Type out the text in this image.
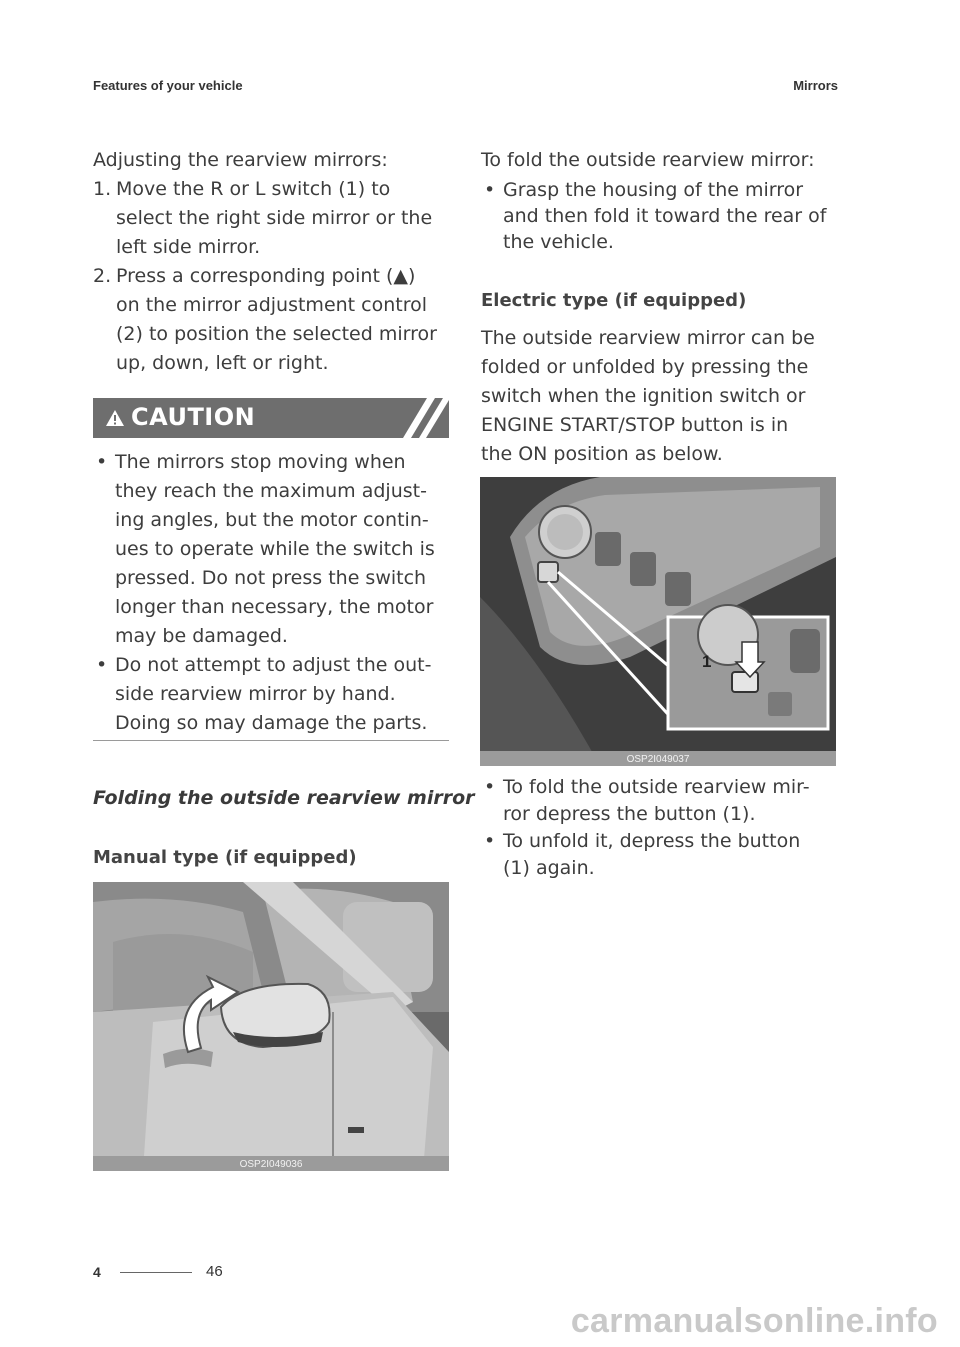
Features of your vehicle	Mirrors
Adjusting the rearview mirrors:
1. Move the R or L switch (1) to
select the right side mirror or the
left side mirror.
2. Press a corresponding point (▲)
on the mirror adjustment control
(2) to position the selected mirror
up, down, left or right.
CAUTION
• The mirrors stop moving when
they reach the maximum adjust-
ing angles, but the motor contin-
ues to operate while the switch is
pressed. Do not press the switch
longer than necessary, the motor
may be damaged.
• Do not attempt to adjust the out-
side rearview mirror by hand.
Doing so may damage the parts.
Folding the outside rearview mirror
Manual type (if equipped)
OSP2I049036
To fold the outside rearview mirror:
• Grasp the housing of the mirror
and then fold it toward the rear of
the vehicle.
Electric type (if equipped)
The outside rearview mirror can be
folded or unfolded by pressing the
switch when the ignition switch or
ENGINE START/STOP button is in
the ON position as below.
1
OSP2I049037
• To fold the outside rearview mir-
ror depress the button (1).
• To unfold it, depress the button
(1) again.
4	46
carmanualsonline.info
